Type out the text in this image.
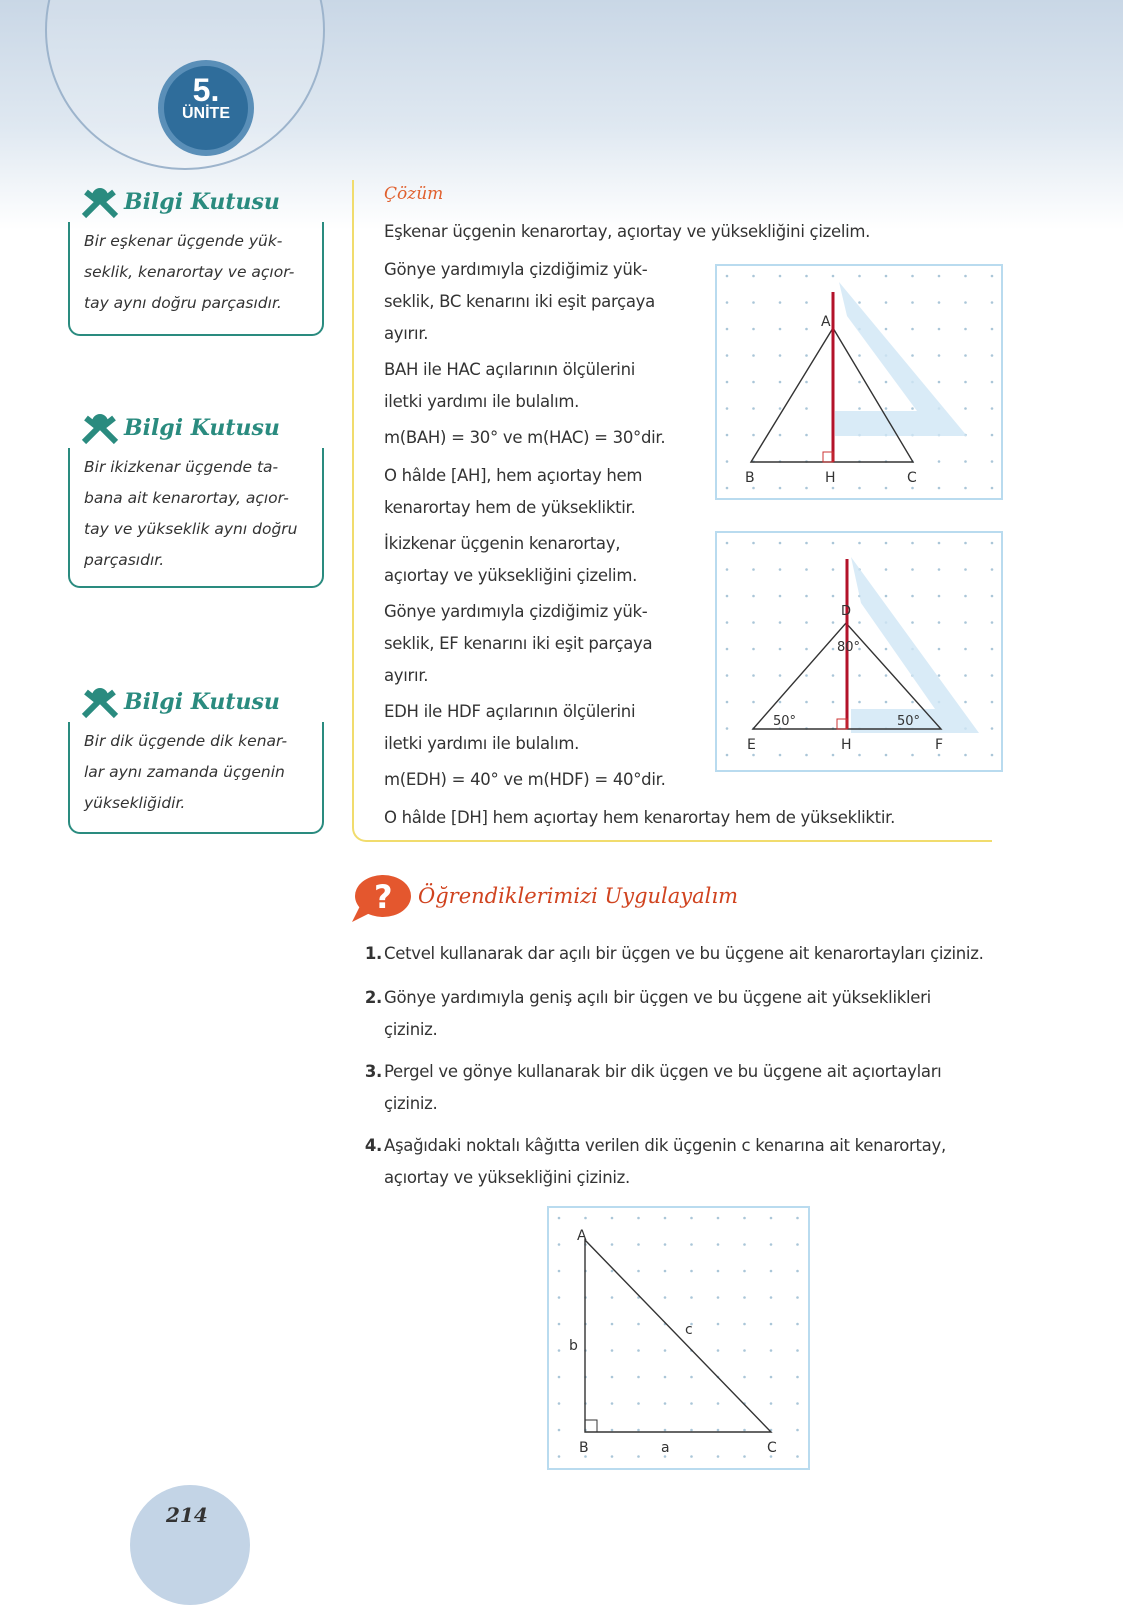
5.
ÜNİTE
Bilgi Kutusu

Bir eşkenar üçgende yük-

seklik, kenarortay ve açıor-

tay aynı doğru parçasıdır.

Bilgi Kutusu

Bir ikizkenar üçgende ta-

bana ait kenarortay, açıor-

tay ve yükseklik aynı doğru

parçasıdır.

Bilgi Kutusu

Bir dik üçgende dik kenar-

lar aynı zamanda üçgenin

yüksekliğidir.

Çözüm
Eşkenar üçgenin kenarortay, açıortay ve yüksekliğini çizelim.
Gönye yardımıyla çizdiğimiz yük-
seklik, BC kenarını iki eşit parçaya
ayırır.
BAH ile HAC açılarının ölçülerini
iletki yardımı ile bulalım.
m(BAH) = 30° ve m(HAC) = 30°dir.
O hâlde [AH], hem açıortay hem
kenarortay hem de yüksekliktir.
İkizkenar üçgenin kenarortay,
açıortay ve yüksekliğini çizelim.
Gönye yardımıyla çizdiğimiz yük-
seklik, EF kenarını iki eşit parçaya
ayırır.
EDH ile HDF açılarının ölçülerini
iletki yardımı ile bulalım.
m(EDH) = 40° ve m(HDF) = 40°dir.
O hâlde [DH] hem açıortay hem kenarortay hem de yüksekliktir.
A
B	H	C
D
80°
50°	50°
E	H	F
? Öğrendiklerimizi Uygulayalım
1. Cetvel kullanarak dar açılı bir üçgen ve bu üçgene ait kenarortayları çiziniz.
2. Gönye yardımıyla geniş açılı bir üçgen ve bu üçgene ait yükseklikleri
çiziniz.
3. Pergel ve gönye kullanarak bir dik üçgen ve bu üçgene ait açıortayları
çiziniz.
4. Aşağıdaki noktalı kâğıtta verilen dik üçgenin c kenarına ait kenarortay,
açıortay ve yüksekliğini çiziniz.
A
B	C
a
b
c
214
